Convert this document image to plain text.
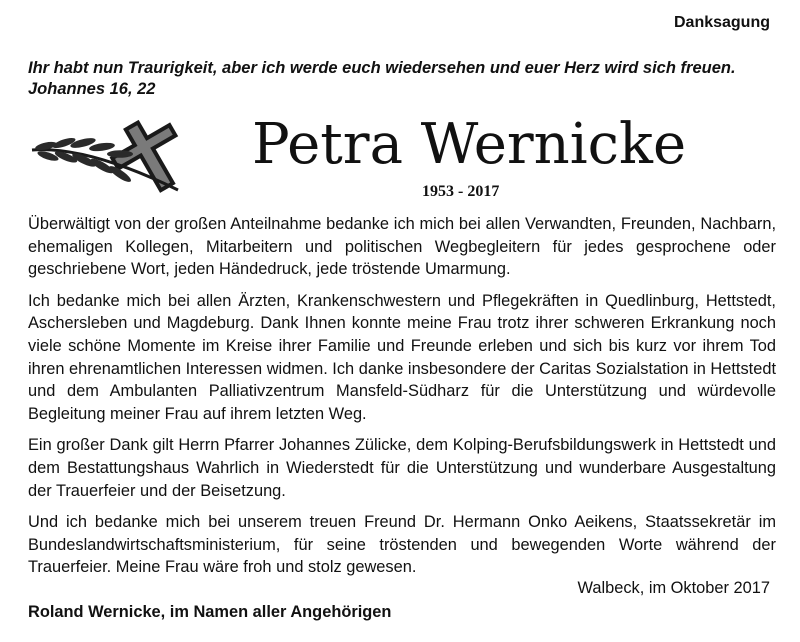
Danksagung
Ihr habt nun Traurigkeit, aber ich werde euch wiedersehen und euer Herz wird sich freuen.
Johannes 16, 22
Petra Wernicke
1953 - 2017

Überwältigt von der großen Anteilnahme bedanke ich mich bei allen Verwandten, Freunden, Nachbarn, ehemaligen Kollegen, Mitarbeitern und politischen Wegbegleitern für jedes gesprochene oder geschriebene Wort, jeden Händedruck, jede tröstende Umarmung.

Ich bedanke mich bei allen Ärzten, Krankenschwestern und Pflegekräften in Quedlinburg, Hettstedt, Aschersleben und Magdeburg. Dank Ihnen konnte meine Frau trotz ihrer schweren Erkrankung noch viele schöne Momente im Kreise ihrer Familie und Freunde erleben und sich bis kurz vor ihrem Tod ihren ehrenamtlichen Interessen widmen. Ich danke insbesondere der Caritas Sozialstation in Hettstedt und dem Ambulanten Palliativzentrum Mansfeld-Südharz für die Unterstützung und würdevolle Begleitung meiner Frau auf ihrem letzten Weg.

Ein großer Dank gilt Herrn Pfarrer Johannes Zülicke, dem Kolping-Berufsbildungswerk in Hettstedt und dem Bestattungshaus Wahrlich in Wiederstedt für die Unterstützung und wunderbare Ausgestaltung der Trauerfeier und der Beisetzung.

Und ich bedanke mich bei unserem treuen Freund Dr. Hermann Onko Aeikens, Staatssekretär im Bundeslandwirtschaftsministerium, für seine tröstenden und bewegenden Worte während der Trauerfeier. Meine Frau wäre froh und stolz gewesen.

Walbeck, im Oktober 2017
Roland Wernicke, im Namen aller Angehörigen
